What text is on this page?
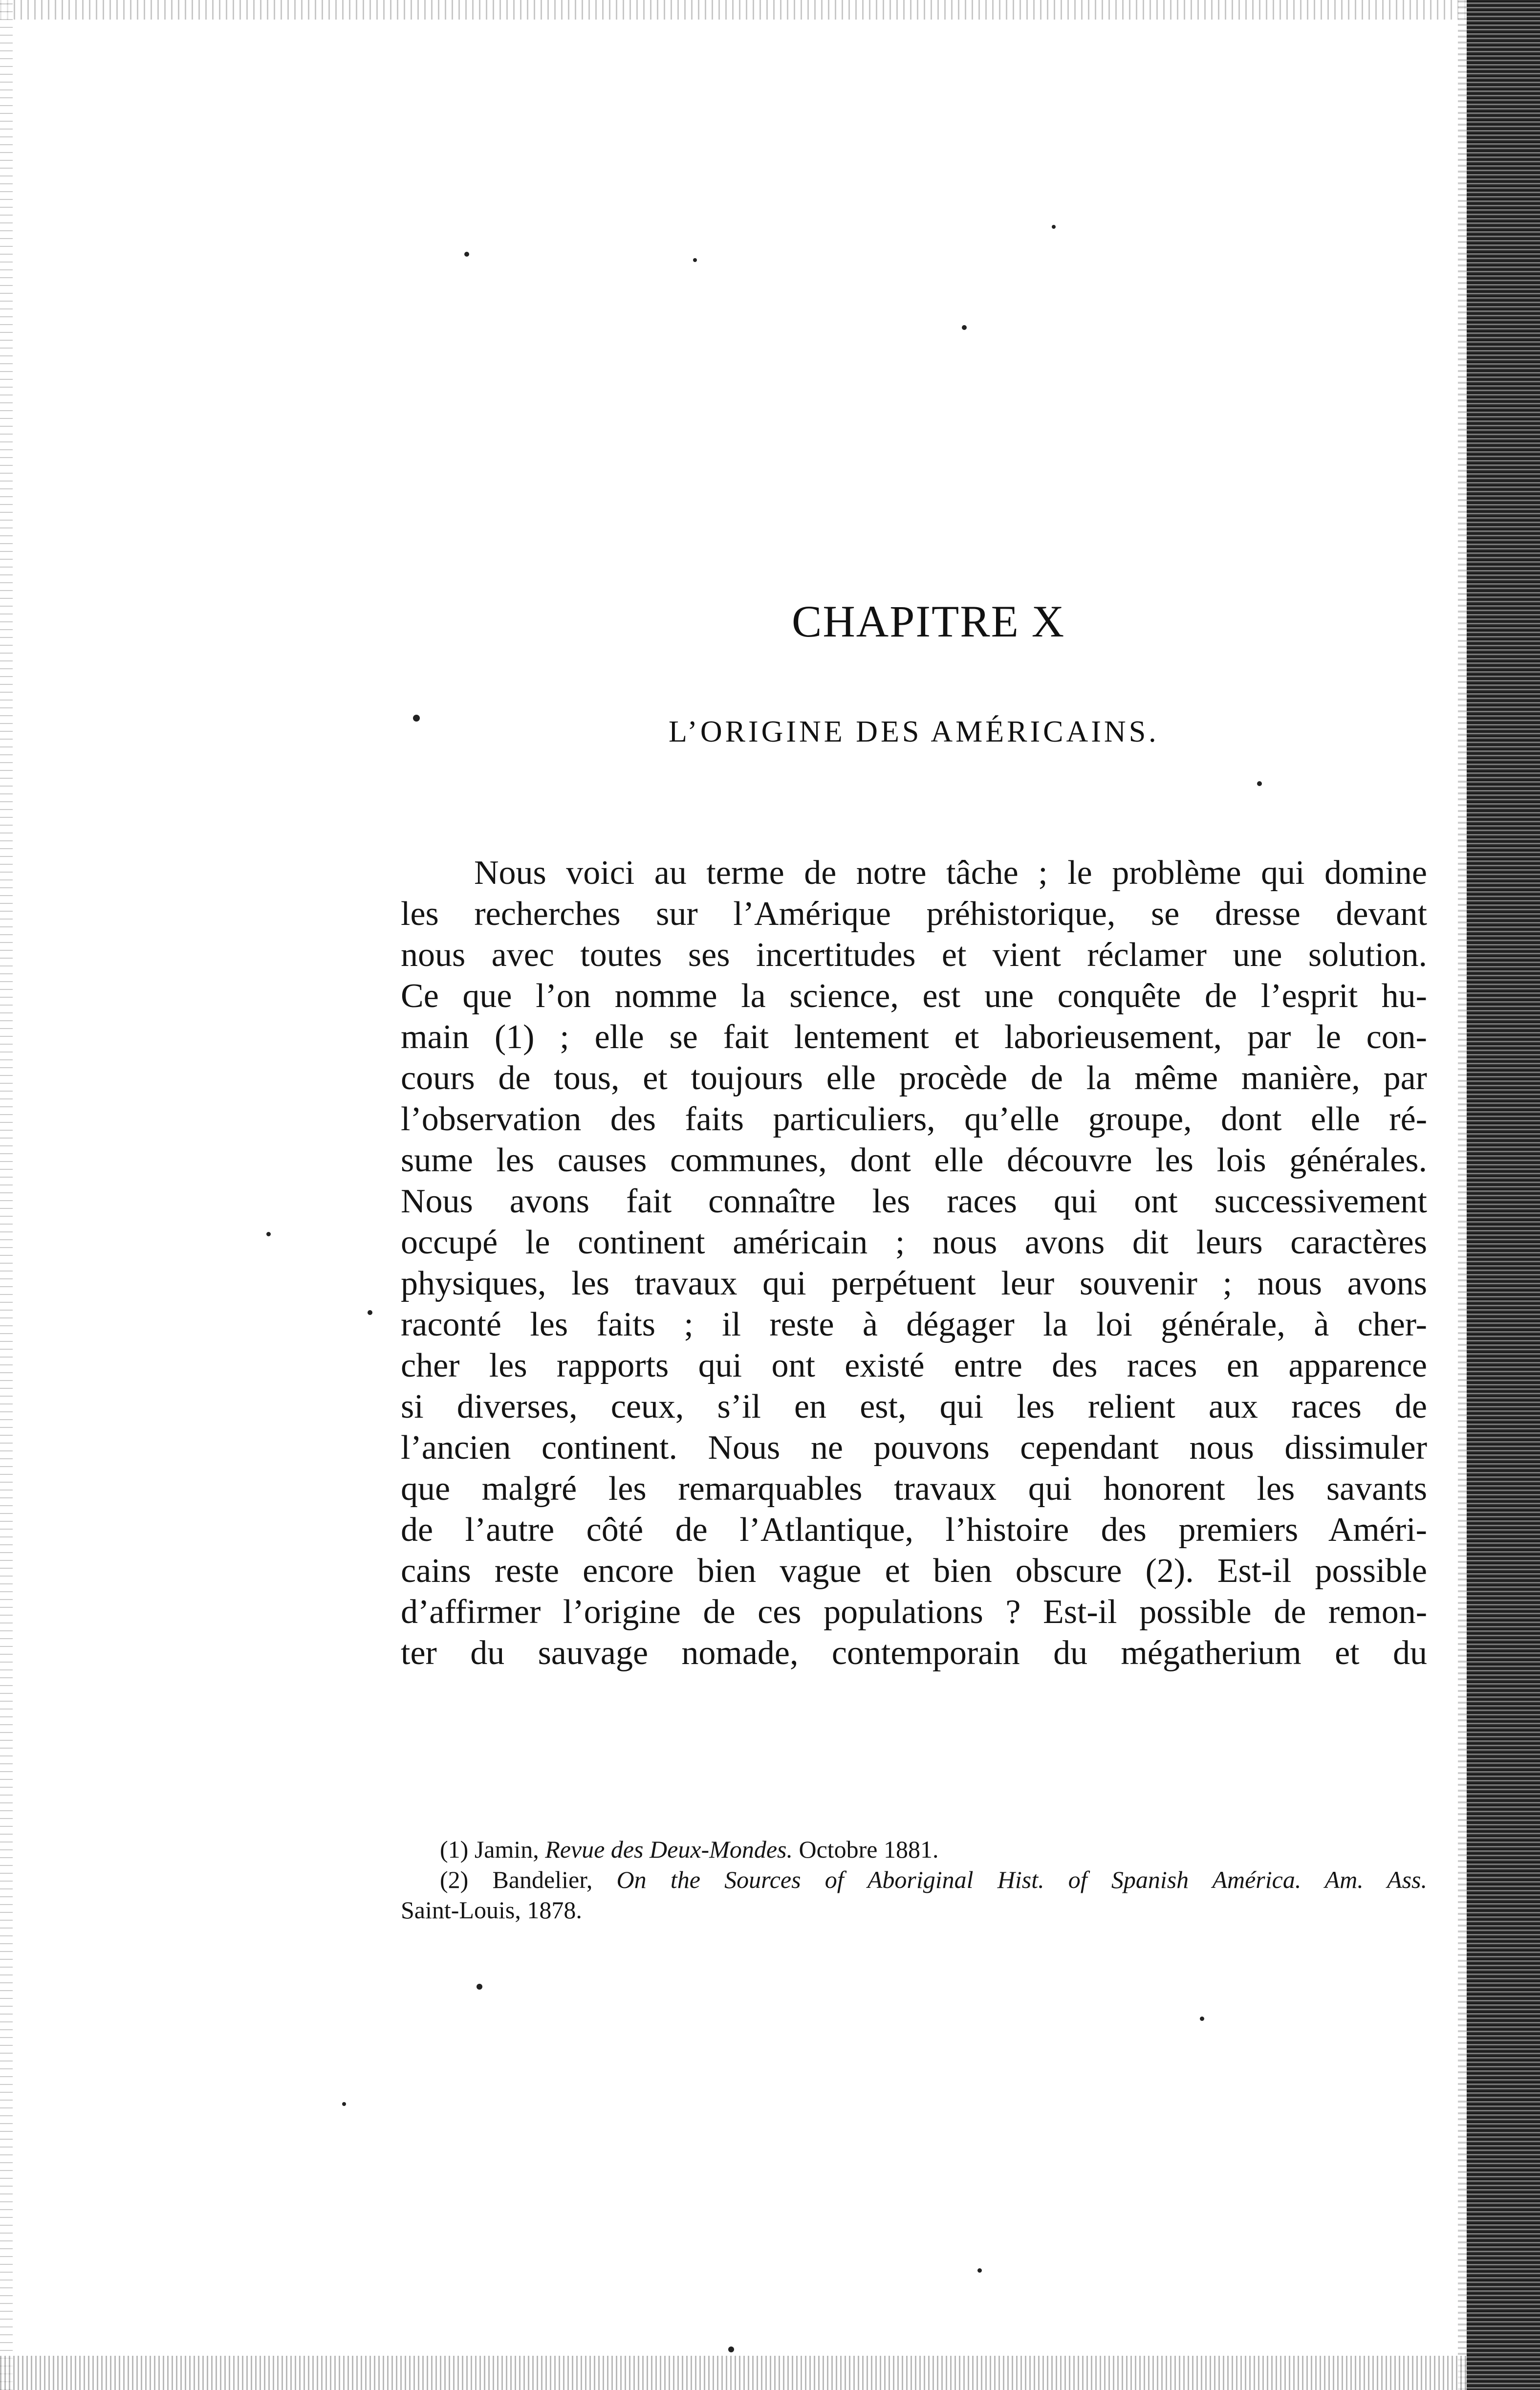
CHAPITRE X
L’ORIGINE DES AMÉRICAINS.
Nous voici au terme de notre tâche ; le problème qui domine
les recherches sur l’Amérique préhistorique, se dresse devant
nous avec toutes ses incertitudes et vient réclamer une solution.
Ce que l’on nomme la science, est une conquête de l’esprit hu-
main (1) ; elle se fait lentement et laborieusement, par le con-
cours de tous, et toujours elle procède de la même manière, par
l’observation des faits particuliers, qu’elle groupe, dont elle ré-
sume les causes communes, dont elle découvre les lois générales.
Nous avons fait connaître les races qui ont successivement
occupé le continent américain ; nous avons dit leurs caractères
physiques, les travaux qui perpétuent leur souvenir ; nous avons
raconté les faits ; il reste à dégager la loi générale, à cher-
cher les rapports qui ont existé entre des races en apparence
si diverses, ceux, s’il en est, qui les relient aux races de
l’ancien continent. Nous ne pouvons cependant nous dissimuler
que malgré les remarquables travaux qui honorent les savants
de l’autre côté de l’Atlantique, l’histoire des premiers Améri-
cains reste encore bien vague et bien obscure (2). Est-il possible
d’affirmer l’origine de ces populations ? Est-il possible de remon-
ter du sauvage nomade, contemporain du mégatherium et du
(1) Jamin, Revue des Deux-Mondes. Octobre 1881.
(2) Bandelier, On the Sources of Aboriginal Hist. of Spanish América. Am. Ass.
Saint-Louis, 1878.
